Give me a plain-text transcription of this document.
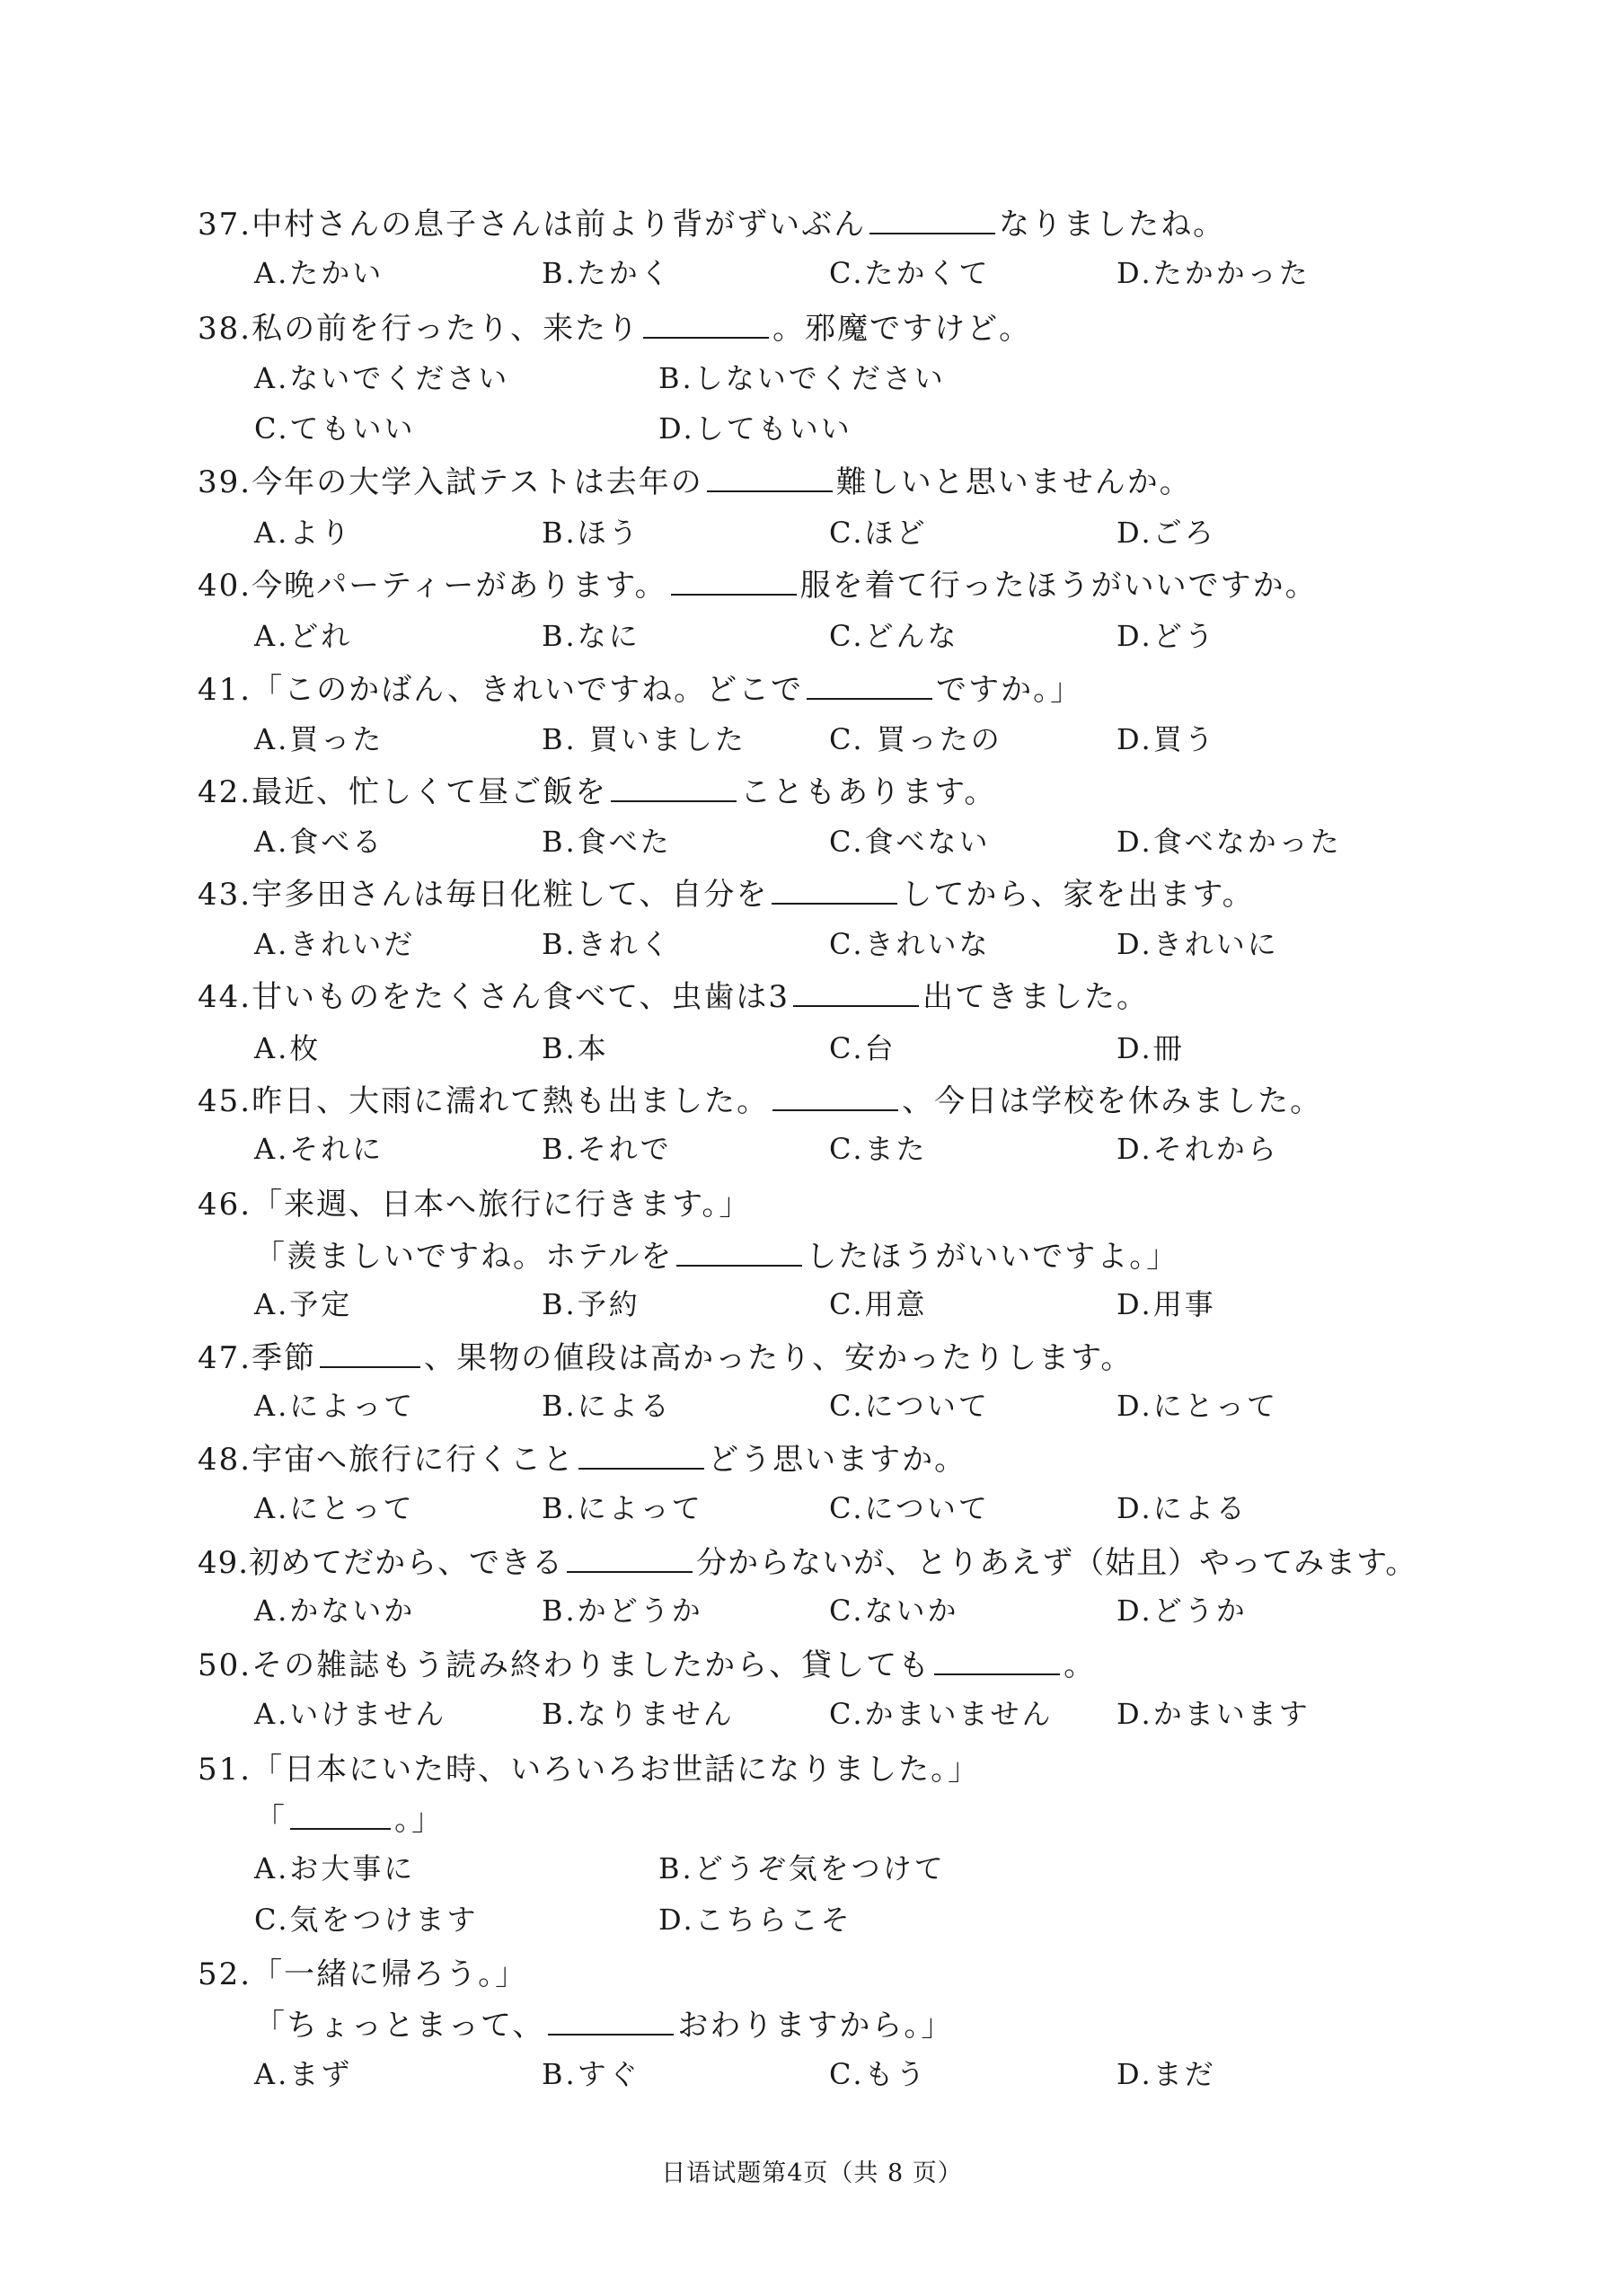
37.中村さんの息子さんは前より背がずいぶん	なりましたね。
A.たかい	B.たかく	C.たかくて	D.たかかった
38.私の前を行ったり、来たり	。邪魔ですけど。
A.ないでください	B.しないでください
C.てもいい	D.してもいい
39.今年の大学入試テストは去年の	難しいと思いませんか。
A.より	B.ほう	C.ほど	D.ごろ
40.今晩パーティーがあります。	服を着て行ったほうがいいですか。
A.どれ	B.なに	C.どんな	D.どう
41.「このかばん、きれいですね。どこで	ですか。」
A.買った	B. 買いました	C. 買ったの	D.買う
42.最近、忙しくて昼ご飯を	こともあります。
A.食べる	B.食べた	C.食べない	D.食べなかった
43.宇多田さんは毎日化粧して、自分を	してから、家を出ます。
A.きれいだ	B.きれく	C.きれいな	D.きれいに
44.甘いものをたくさん食べて、虫歯は3	出てきました。
A.枚	B.本	C.台	D.冊
45.昨日、大雨に濡れて熱も出ました。	、今日は学校を休みました。
A.それに	B.それで	C.また	D.それから
46.「来週、日本へ旅行に行きます。」
「羨ましいですね。ホテルを	したほうがいいですよ。」
A.予定	B.予約	C.用意	D.用事
47.季節	、果物の値段は高かったり、安かったりします。
A.によって	B.による	C.について	D.にとって
48.宇宙へ旅行に行くこと	どう思いますか。
A.にとって	B.によって	C.について	D.による
49.初めてだから、できる	分からないが、とりあえず（姑且）やってみます。
A.かないか	B.かどうか	C.ないか	D.どうか
50.その雑誌もう読み終わりましたから、貸しても	。
A.いけません	B.なりません	C.かまいません D.かまいます
51.「日本にいた時、いろいろお世話になりました。」
「	。」
A.お大事に	B.どうぞ気をつけて
C.気をつけます	D.こちらこそ
52.「一緒に帰ろう。」
「ちょっとまって、	おわりますから。」
A.まず	B.すぐ	C.もう	D.まだ
日语试题第4页（共 8 页）
